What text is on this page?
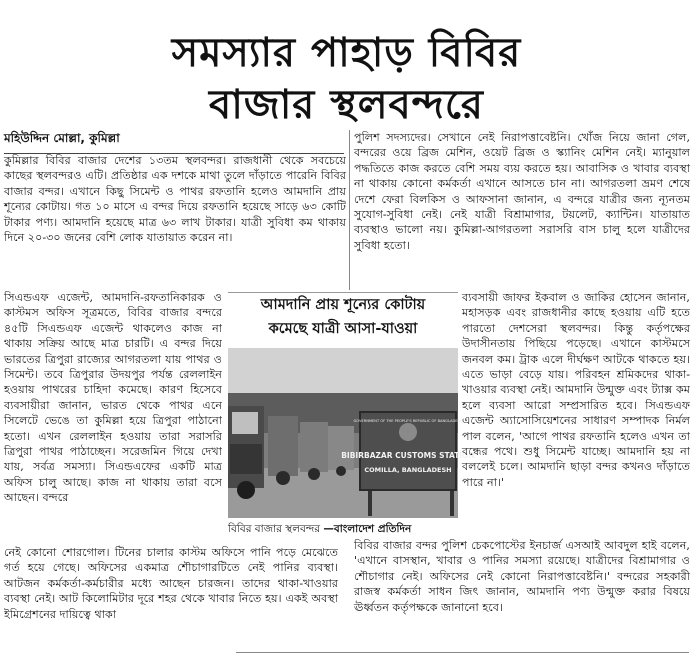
সমস্যার পাহাড় বিবির
বাজার স্থলবন্দরে
মহিউদ্দিন মোল্লা, কুমিল্লা

কুমিল্লার বিবির বাজার দেশের ১৩তম স্থলবন্দর। রাজধানী থেকে সবচেয়ে কাছের স্থলবন্দরও এটি। প্রতিষ্ঠার এক দশকে মাথা তুলে দাঁড়াতে পারেনি বিবির বাজার বন্দর। এখানে কিছু সিমেন্ট ও পাথর রফতানি হলেও আমদানি প্রায় শূন্যের কোটায়। গত ১০ মাসে এ বন্দর দিয়ে রফতানি হয়েছে সাড়ে ৬৩ কোটি টাকার পণ্য। আমদানি হয়েছে মাত্র ৬৩ লাখ টাকার। যাত্রী সুবিধা কম থাকায় দিনে ২০-৩০ জনের বেশি লোক যাতায়াত করেন না।

সিএন্ডএফ এজেন্ট, আমদানি-রফতানিকারক ও কাস্টমস অফিস সূত্রমতে, বিবির বাজার বন্দরে ৪৫টি সিএন্ডএফ এজেন্ট থাকলেও কাজ না থাকায় সক্রিয় আছে মাত্র চারটি। এ বন্দর দিয়ে ভারতের ত্রিপুরা রাজ্যের আগরতলা যায় পাথর ও সিমেন্ট। তবে ত্রিপুরার উদয়পুর পর্যন্ত রেললাইন হওয়ায় পাথরের চাহিদা কমেছে। কারণ হিসেবে ব্যবসায়ীরা জানান, ভারত থেকে পাথর এনে সিলেটে ভেঙে তা কুমিল্লা হয়ে ত্রিপুরা পাঠানো হতো। এখন রেললাইন হওয়ায় তারা সরাসরি ত্রিপুরা পাথর পাঠাচ্ছেন। সরেজমিন গিয়ে দেখা যায়, সর্বত্র সমস্যা। সিএন্ডএফের একটি মাত্র অফিস চালু আছে। কাজ না থাকায় তারা বসে আছেন। বন্দরে

নেই কোনো শোরগোল। টিনের চালার কাস্টম অফিসে পানি পড়ে মেঝেতে গর্ত হয়ে গেছে। অফিসের একমাত্র শৌচাগারটিতে নেই পানির ব্যবস্থা। আটজন কর্মকর্তা-কর্মচারীর মধ্যে আছেন চারজন। তাদের থাকা-খাওয়ার ব্যবস্থা নেই। আট কিলোমিটার দূরে শহর থেকে খাবার নিতে হয়। একই অবস্থা ইমিগ্রেশনের দায়িত্বে থাকা

পুলিশ সদস্যদের। সেখানে নেই নিরাপত্তাবেষ্টনি। খোঁজ নিয়ে জানা গেল, বন্দরের ওয়ে ব্রিজ মেশিন, ওয়েট ব্রিজ ও স্ক্যানিং মেশিন নেই। ম্যানুয়াল পদ্ধতিতে কাজ করতে বেশি সময় ব্যয় করতে হয়। আবাসিক ও খাবার ব্যবস্থা না থাকায় কোনো কর্মকর্তা এখানে আসতে চান না। আগরতলা ভ্রমণ শেষে দেশে ফেরা বিলকিস ও আফসানা জানান, এ বন্দরে যাত্রীর জন্য ন্যূনতম সুযোগ-সুবিধা নেই। নেই যাত্রী বিশ্রামাগার, টয়লেট, ক্যান্টিন। যাতায়াত ব্যবস্থাও ভালো নয়। কুমিল্লা-আগরতলা সরাসরি বাস চালু হলে যাত্রীদের সুবিধা হতো।

আমদানি প্রায় শূন্যের কোটায়
কমেছে যাত্রী আসা-যাওয়া
GOVERNMENT OF THE PEOPLE'S REPUBLIC OF BANGLADESH
BIBIRBAZAR CUSTOMS STATION
COMILLA, BANGLADESH
বিবির বাজার স্থলবন্দর —বাংলাদেশ প্রতিদিন

ব্যবসায়ী জাফর ইকবাল ও জাকির হোসেন জানান, মহাসড়ক এবং রাজধানীর কাছে হওয়ায় এটি হতে পারতো দেশসেরা স্থলবন্দর। কিন্তু কর্তৃপক্ষের উদাসীনতায় পিছিয়ে পড়েছে। এখানে কাস্টমসে জনবল কম। ট্রাক এলে দীর্ঘক্ষণ আটকে থাকতে হয়। এতে ভাড়া বেড়ে যায়। পরিবহন শ্রমিকদের থাকা-খাওয়ার ব্যবস্থা নেই। আমদানি উন্মুক্ত এবং ট্যাক্স কম হলে ব্যবসা আরো সম্প্রসারিত হবে। সিএন্ডএফ এজেন্ট অ্যাসোসিয়েশনের সাধারণ সম্পাদক নির্মল পাল বলেন, 'আগে পাথর রফতানি হলেও এখন তা বন্ধের পথে। শুধু সিমেন্ট যাচ্ছে। আমদানি হয় না বললেই চলে। আমদানি ছাড়া বন্দর কখনও দাঁড়াতে পারে না।'

বিবির বাজার বন্দর পুলিশ চেকপোস্টের ইনচার্জ এসআই আবদুল হাই বলেন, 'এখানে বাসস্থান, খাবার ও পানির সমস্যা রয়েছে। যাত্রীদের বিশ্রামাগার ও শৌচাগার নেই। অফিসের নেই কোনো নিরাপত্তাবেষ্টনি।' বন্দরের সহকারী রাজস্ব কর্মকর্তা সাধন জিৎ জানান, আমদানি পণ্য উন্মুক্ত করার বিষয়ে ঊর্ধ্বতন কর্তৃপক্ষকে জানানো হবে।
